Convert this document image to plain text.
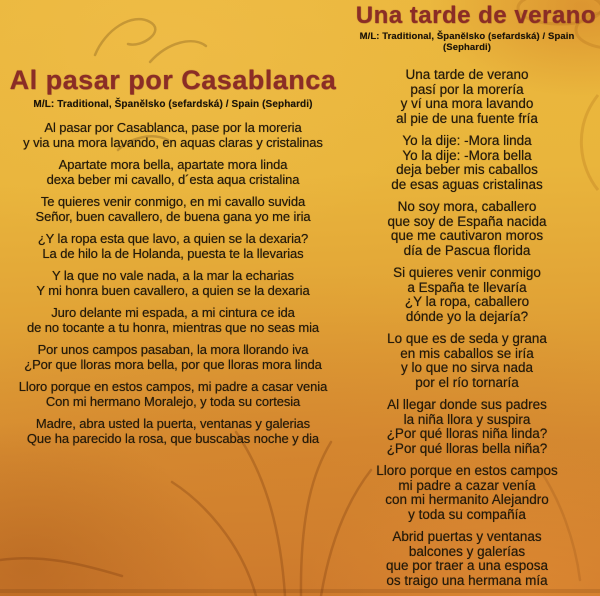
Una tarde de verano
M/L: Traditional, Španělsko (sefardská) / Spain (Sephardi)

Una tarde de verano
pasí por la morería
y ví una mora lavando
al pie de una fuente fría

Yo la dije: -Mora linda
Yo la dije: -Mora bella
deja beber mis caballos
de esas aguas cristalinas

No soy mora, caballero
que soy de España nacida
que me cautivaron moros
día de Pascua florida

Si quieres venir conmigo
a España te llevaría
¿Y la ropa, caballero
dónde yo la dejaría?

Lo que es de seda y grana
en mis caballos se iría
y lo que no sirva nada
por el río tornaría

Al llegar donde sus padres
la niña llora y suspira
¿Por qué lloras niña linda?
¿Por qué lloras bella niña?

Lloro porque en estos campos
mi padre a cazar venía
con mi hermanito Alejandro
y toda su compañía

Abrid puertas y ventanas
balcones y galerías
que por traer a una esposa
os traigo una hermana mía

Al pasar por Casablanca
M/L: Traditional, Španělsko (sefardská) / Spain (Sephardi)

Al pasar por Casablanca, pase por la moreria
y via una mora lavando, en aquas claras y cristalinas

Apartate mora bella, apartate mora linda
dexa beber mi cavallo, d´esta aqua cristalina

Te quieres venir conmigo, en mi cavallo suvida
Señor, buen cavallero, de buena gana yo me iria

¿Y la ropa esta que lavo, a quien se la dexaria?
La de hilo la de Holanda, puesta te la llevarias

Y la que no vale nada, a la mar la echarias
Y mi honra buen cavallero, a quien se la dexaria

Juro delante mi espada, a mi cintura ce ida
de no tocante a tu honra, mientras que no seas mia

Por unos campos pasaban, la mora llorando iva
¿Por que lloras mora bella, por que lloras mora linda

Lloro porque en estos campos, mi padre a casar venia
Con mi hermano Moralejo, y toda su cortesia

Madre, abra usted la puerta, ventanas y galerias
Que ha parecido la rosa, que buscabas noche y dia
